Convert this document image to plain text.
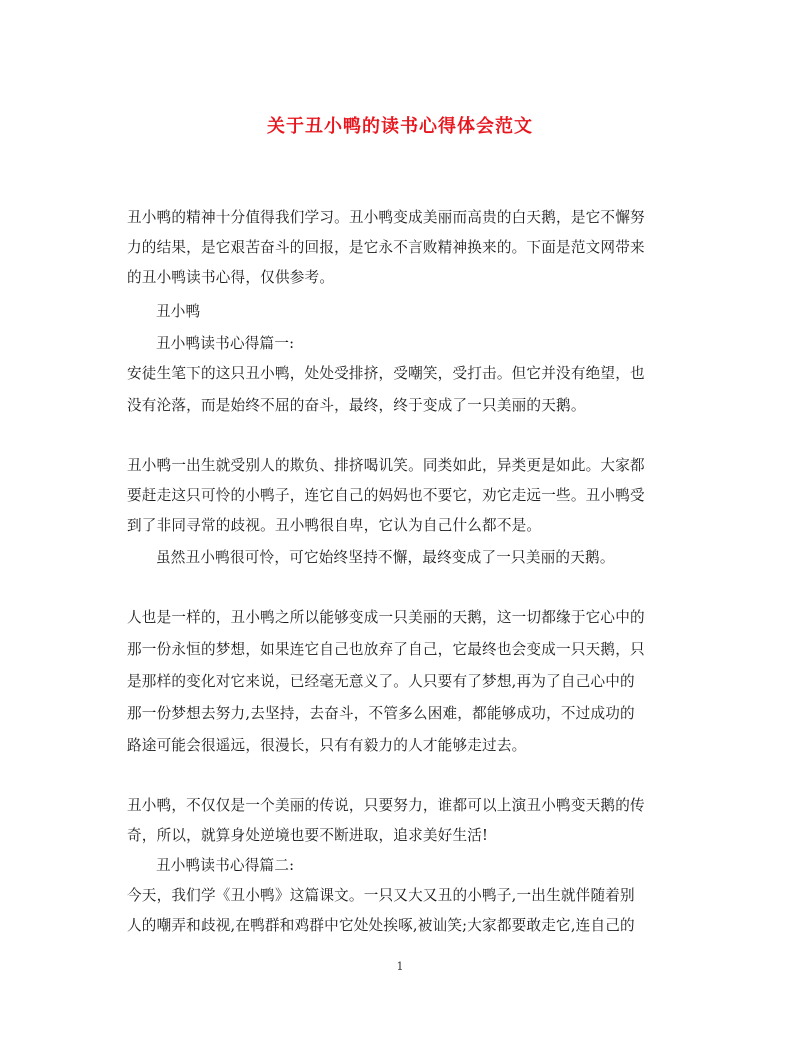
关于丑小鸭的读书心得体会范文
丑小鸭的精神十分值得我们学习。丑小鸭变成美丽而高贵的白天鹅，是它不懈努
力的结果，是它艰苦奋斗的回报，是它永不言败精神换来的。下面是范文网带来
的丑小鸭读书心得，仅供参考。
丑小鸭
丑小鸭读书心得篇一:
安徒生笔下的这只丑小鸭，处处受排挤，受嘲笑，受打击。但它并没有绝望，也
没有沦落，而是始终不屈的奋斗，最终，终于变成了一只美丽的天鹅。
丑小鸭一出生就受别人的欺负、排挤喝讥笑。同类如此，异类更是如此。大家都
要赶走这只可怜的小鸭子，连它自己的妈妈也不要它，劝它走远一些。丑小鸭受
到了非同寻常的歧视。丑小鸭很自卑，它认为自己什么都不是。
虽然丑小鸭很可怜，可它始终坚持不懈，最终变成了一只美丽的天鹅。
人也是一样的，丑小鸭之所以能够变成一只美丽的天鹅，这一切都缘于它心中的
那一份永恒的梦想，如果连它自己也放弃了自己，它最终也会变成一只天鹅，只
是那样的变化对它来说，已经毫无意义了。人只要有了梦想,再为了自己心中的
那一份梦想去努力,去坚持，去奋斗，不管多么困难，都能够成功，不过成功的
路途可能会很遥远，很漫长，只有有毅力的人才能够走过去。
丑小鸭，不仅仅是一个美丽的传说，只要努力，谁都可以上演丑小鸭变天鹅的传
奇，所以，就算身处逆境也要不断进取，追求美好生活!
丑小鸭读书心得篇二:
今天，我们学《丑小鸭》这篇课文。一只又大又丑的小鸭子,一出生就伴随着别
人的嘲弄和歧视,在鸭群和鸡群中它处处挨啄,被讪笑;大家都要敢走它,连自己的
1
